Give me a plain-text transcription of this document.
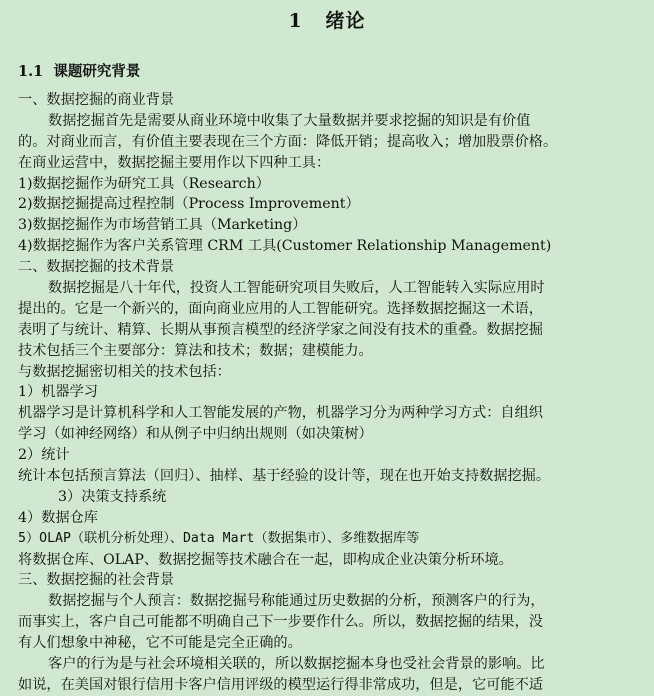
1   绪论
1.1  课题研究背景
一、数据挖掘的商业背景
数据挖掘首先是需要从商业环境中收集了大量数据并要求挖掘的知识是有价值
的。对商业而言，有价值主要表现在三个方面：降低开销；提高收入；增加股票价格。
在商业运营中，数据挖掘主要用作以下四种工具：
1)数据挖掘作为研究工具（Research）
2)数据挖掘提高过程控制（Process Improvement）
3)数据挖掘作为市场营销工具（Marketing）
4)数据挖掘作为客户关系管理 CRM 工具(Customer Relationship Management)
二、数据挖掘的技术背景
数据挖掘是八十年代，投资人工智能研究项目失败后，人工智能转入实际应用时
提出的。它是一个新兴的，面向商业应用的人工智能研究。选择数据挖掘这一术语，
表明了与统计、精算、长期从事预言模型的经济学家之间没有技术的重叠。数据挖掘
技术包括三个主要部分：算法和技术；数据；建模能力。
与数据挖掘密切相关的技术包括：
1）机器学习
机器学习是计算机科学和人工智能发展的产物，机器学习分为两种学习方式：自组织
学习（如神经网络）和从例子中归纳出规则（如决策树）
2）统计
统计本包括预言算法（回归）、抽样、基于经验的设计等，现在也开始支持数据挖掘。
3）决策支持系统
4）数据仓库
5）OLAP（联机分析处理）、Data Mart（数据集市）、多维数据库等
将数据仓库、OLAP、数据挖掘等技术融合在一起，即构成企业决策分析环境。
三、数据挖掘的社会背景
数据挖掘与个人预言：数据挖掘号称能通过历史数据的分析，预测客户的行为，
而事实上，客户自己可能都不明确自己下一步要作什么。所以，数据挖掘的结果，没
有人们想象中神秘，它不可能是完全正确的。
客户的行为是与社会环境相关联的，所以数据挖掘本身也受社会背景的影响。比
如说，在美国对银行信用卡客户信用评级的模型运行得非常成功，但是，它可能不适
